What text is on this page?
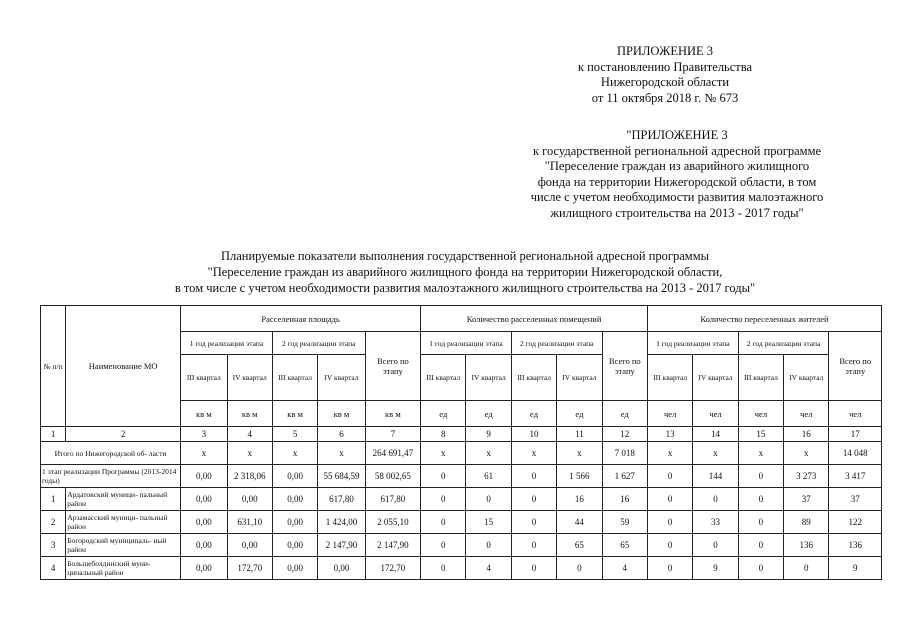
ПРИЛОЖЕНИЕ 3
к постановлению Правительства
Нижегородской области
от 11 октября 2018 г. № 673
"ПРИЛОЖЕНИЕ 3
к государственной региональной адресной программе
"Переселение граждан из аварийного жилищного
фонда на территории Нижегородской области, в том
числе с учетом необходимости развития малоэтажного
жилищного строительства на 2013 - 2017 годы"
Планируемые показатели выполнения государственной региональной адресной программы
"Переселение граждан из аварийного жилищного фонда на территории Нижегородской области,
в том числе с учетом необходимости развития малоэтажного жилищного строительства на 2013 - 2017 годы"
№ п/п	Наименование МО	Расселенная площадь					Количество расселенных помещений					Количество переселенных жителей				
		1 год реализации этапа		2 год реализации этапа		Всего по этапу	1 год реализации этапа		2 год реализации этапа		Всего по этапу	1 год реализации этапа		2 год реализации этапа		Всего по этапу
		III квартал	IV квартал	III квартал	IV квартал		III квартал	IV квартал	III квартал	IV квартал		III квартал	IV квартал	III квартал	IV квартал	
		кв м	кв м	кв м	кв м	кв м	ед	ед	ед	ед	ед	чел	чел	чел	чел	чел
1	2	3	4	5	6	7	8	9	10	11	12	13	14	15	16	17
Итого по Нижегородской об- ласти		x	x	x	x	264 691,47	x	x	x	x	7 018	x	x	x	x	14 048
1 этап реализации Программы (2013-2014 годы)		0,00	2 318,06	0,00	55 684,59	58 002,65	0	61	0	1 566	1 627	0	144	0	3 273	3 417
1	Ардатовский муници- пальный район	0,00	0,00	0,00	617,80	617,80	0	0	0	16	16	0	0	0	37	37
2	Арзамасский муници- пальный район	0,00	631,10	0,00	1 424,00	2 055,10	0	15	0	44	59	0	33	0	89	122
3	Богородский муниципаль- ный район	0,00	0,00	0,00	2 147,90	2 147,90	0	0	0	65	65	0	0	0	136	136
4	Большеболдинский муни- ципальный район	0,00	172,70	0,00	0,00	172,70	0	4	0	0	4	0	9	0	0	9
